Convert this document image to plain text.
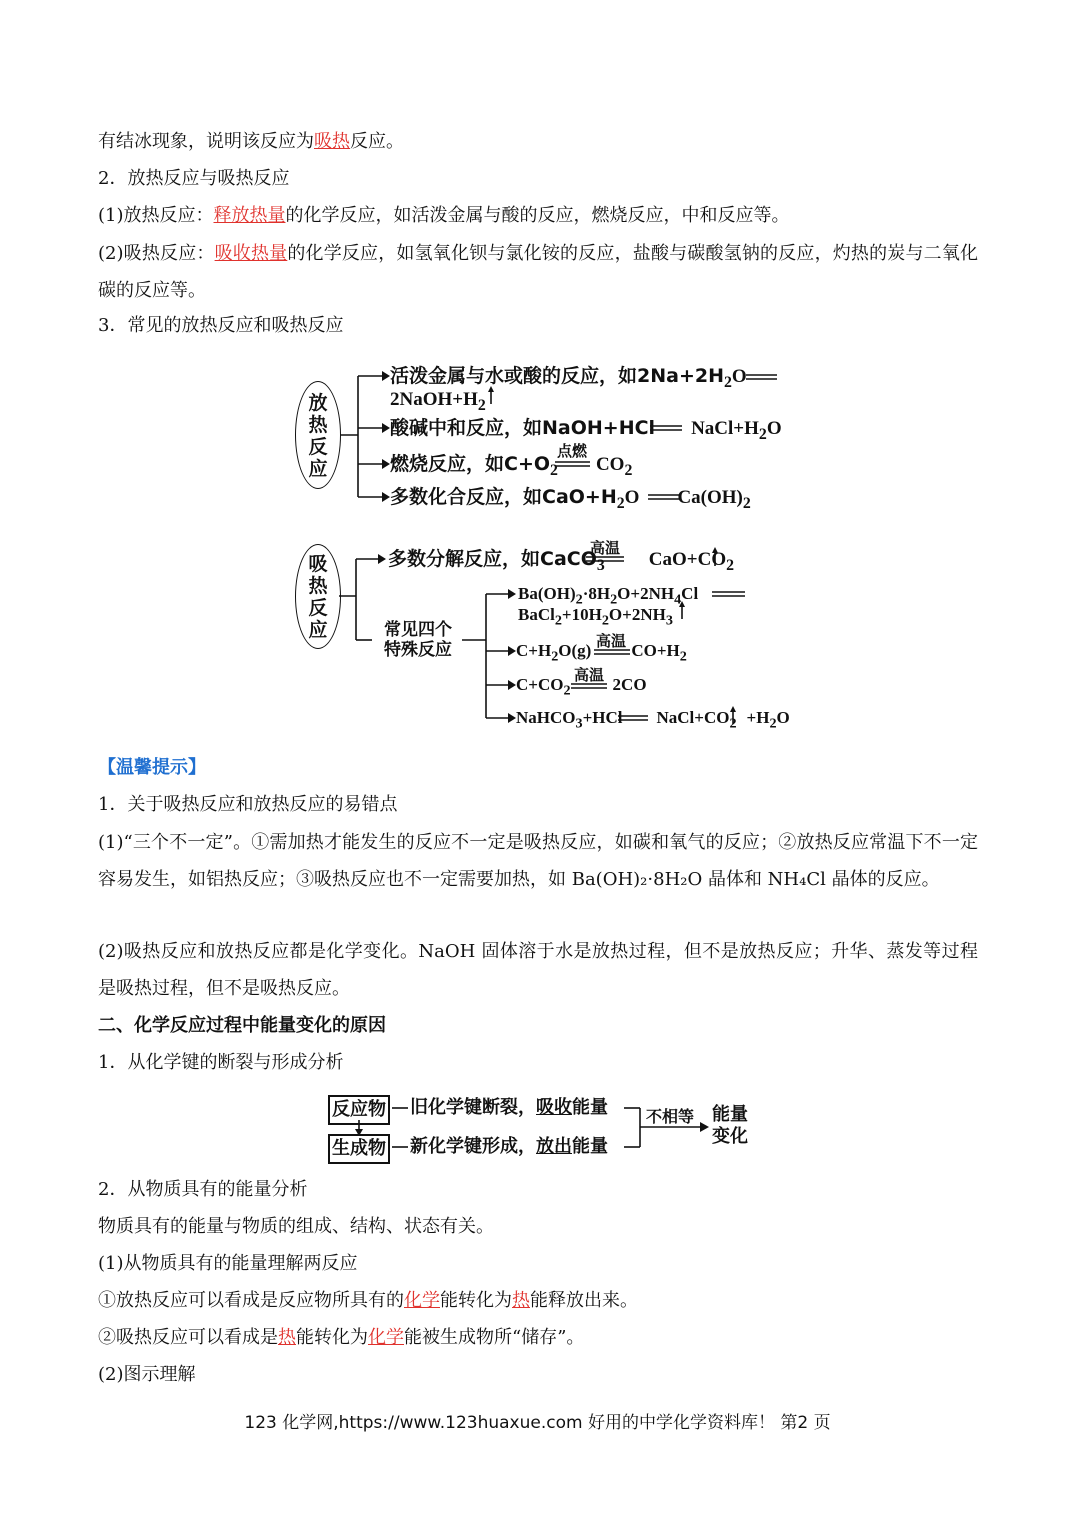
有结冰现象，说明该反应为吸热反应。
2．放热反应与吸热反应
(1)放热反应：释放热量的化学反应，如活泼金属与酸的反应，燃烧反应，中和反应等。
(2)吸热反应：吸收热量的化学反应，如氢氧化钡与氯化铵的反应，盐酸与碳酸氢钠的反应，灼热的炭与二氧化碳的反应等。
3．常见的放热反应和吸热反应
放
热
反
应
活泼金属与水或酸的反应，如$2Na+2H_2O$
$2NaOH+H_2$
酸碱中和反应，如NaOH+HCl $NaCl+H_2O$
燃烧反应，如$C+O_2$ $CO_2$
点燃
多数化合反应，如$CaO+H_2O$ $Ca(OH)_2$
吸
热
反
应
多数分解反应，如CaCO$_3$ $CaO+CO_2$
高温
常见四个特殊反应
$Ba(OH)_2\cdot 8H_2O+2NH_4Cl$
$BaCl_2+10H_2O+2NH_3$
$C+H_2O(g)$ $CO+H_2$
高温
$C+CO_2$ 2CO
高温
NaHCO$_3$+HCl $NaCl+CO_2 +H_2O$
【温馨提示】
1．关于吸热反应和放热反应的易错点
(1)“三个不一定”。①需加热才能发生的反应不一定是吸热反应，如碳和氧气的反应；②放热反应常温下不一定容易发生，如铝热反应；③吸热反应也不一定需要加热，如 Ba(OH)₂·8H₂O 晶体和 NH₄Cl 晶体的反应。
(2)吸热反应和放热反应都是化学变化。NaOH 固体溶于水是放热过程，但不是放热反应；升华、蒸发等过程是吸热过程，但不是吸热反应。
二、化学反应过程中能量变化的原因
1．从化学键的断裂与形成分析
反应物
生成物
旧化学键断裂，吸收能量
新化学键形成，放出能量
不相等 能量
变化
2．从物质具有的能量分析
物质具有的能量与物质的组成、结构、状态有关。
(1)从物质具有的能量理解两反应
①放热反应可以看成是反应物所具有的化学能转化为热能释放出来。
②吸热反应可以看成是热能转化为化学能被生成物所“储存”。
(2)图示理解
123 化学网,https://www.123huaxue.com 好用的中学化学资料库！ 第2 页
